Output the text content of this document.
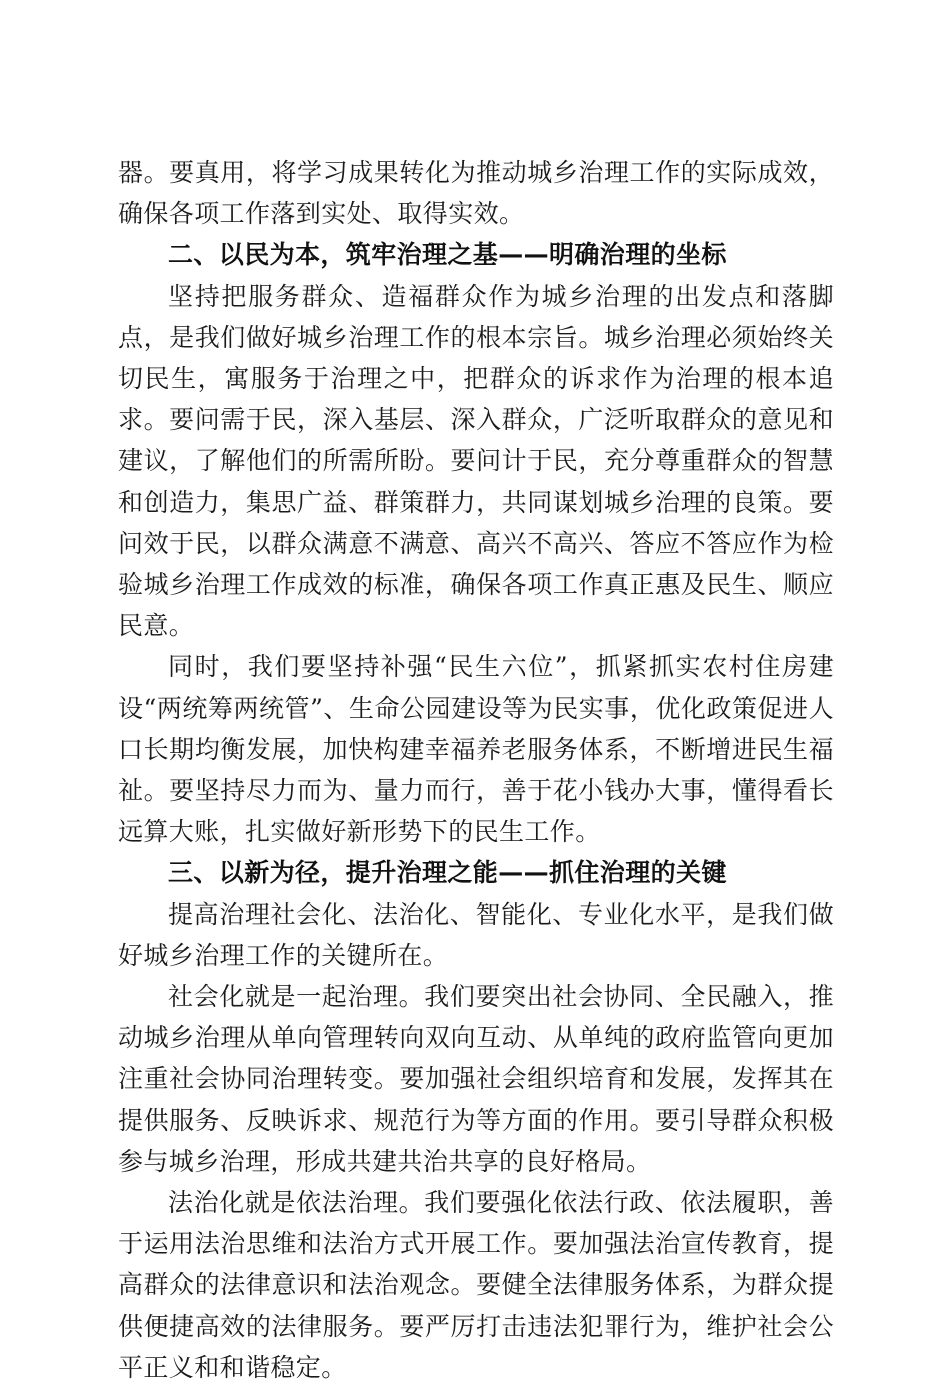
器。要真用，将学习成果转化为推动城乡治理工作的实际成效，确保各项工作落到实处、取得实效。

二、以民为本，筑牢治理之基——明确治理的坐标

坚持把服务群众、造福群众作为城乡治理的出发点和落脚点，是我们做好城乡治理工作的根本宗旨。城乡治理必须始终关切民生，寓服务于治理之中，把群众的诉求作为治理的根本追求。要问需于民，深入基层、深入群众，广泛听取群众的意见和建议，了解他们的所需所盼。要问计于民，充分尊重群众的智慧和创造力，集思广益、群策群力，共同谋划城乡治理的良策。要问效于民，以群众满意不满意、高兴不高兴、答应不答应作为检验城乡治理工作成效的标准，确保各项工作真正惠及民生、顺应民意。

同时，我们要坚持补强“民生六位”，抓紧抓实农村住房建设“两统筹两统管”、生命公园建设等为民实事，优化政策促进人口长期均衡发展，加快构建幸福养老服务体系，不断增进民生福祉。要坚持尽力而为、量力而行，善于花小钱办大事，懂得看长远算大账，扎实做好新形势下的民生工作。

三、以新为径，提升治理之能——抓住治理的关键

提高治理社会化、法治化、智能化、专业化水平，是我们做好城乡治理工作的关键所在。

社会化就是一起治理。我们要突出社会协同、全民融入，推动城乡治理从单向管理转向双向互动、从单纯的政府监管向更加注重社会协同治理转变。要加强社会组织培育和发展，发挥其在提供服务、反映诉求、规范行为等方面的作用。要引导群众积极参与城乡治理，形成共建共治共享的良好格局。

法治化就是依法治理。我们要强化依法行政、依法履职，善于运用法治思维和法治方式开展工作。要加强法治宣传教育，提高群众的法律意识和法治观念。要健全法律服务体系，为群众提供便捷高效的法律服务。要严厉打击违法犯罪行为，维护社会公平正义和和谐稳定。
